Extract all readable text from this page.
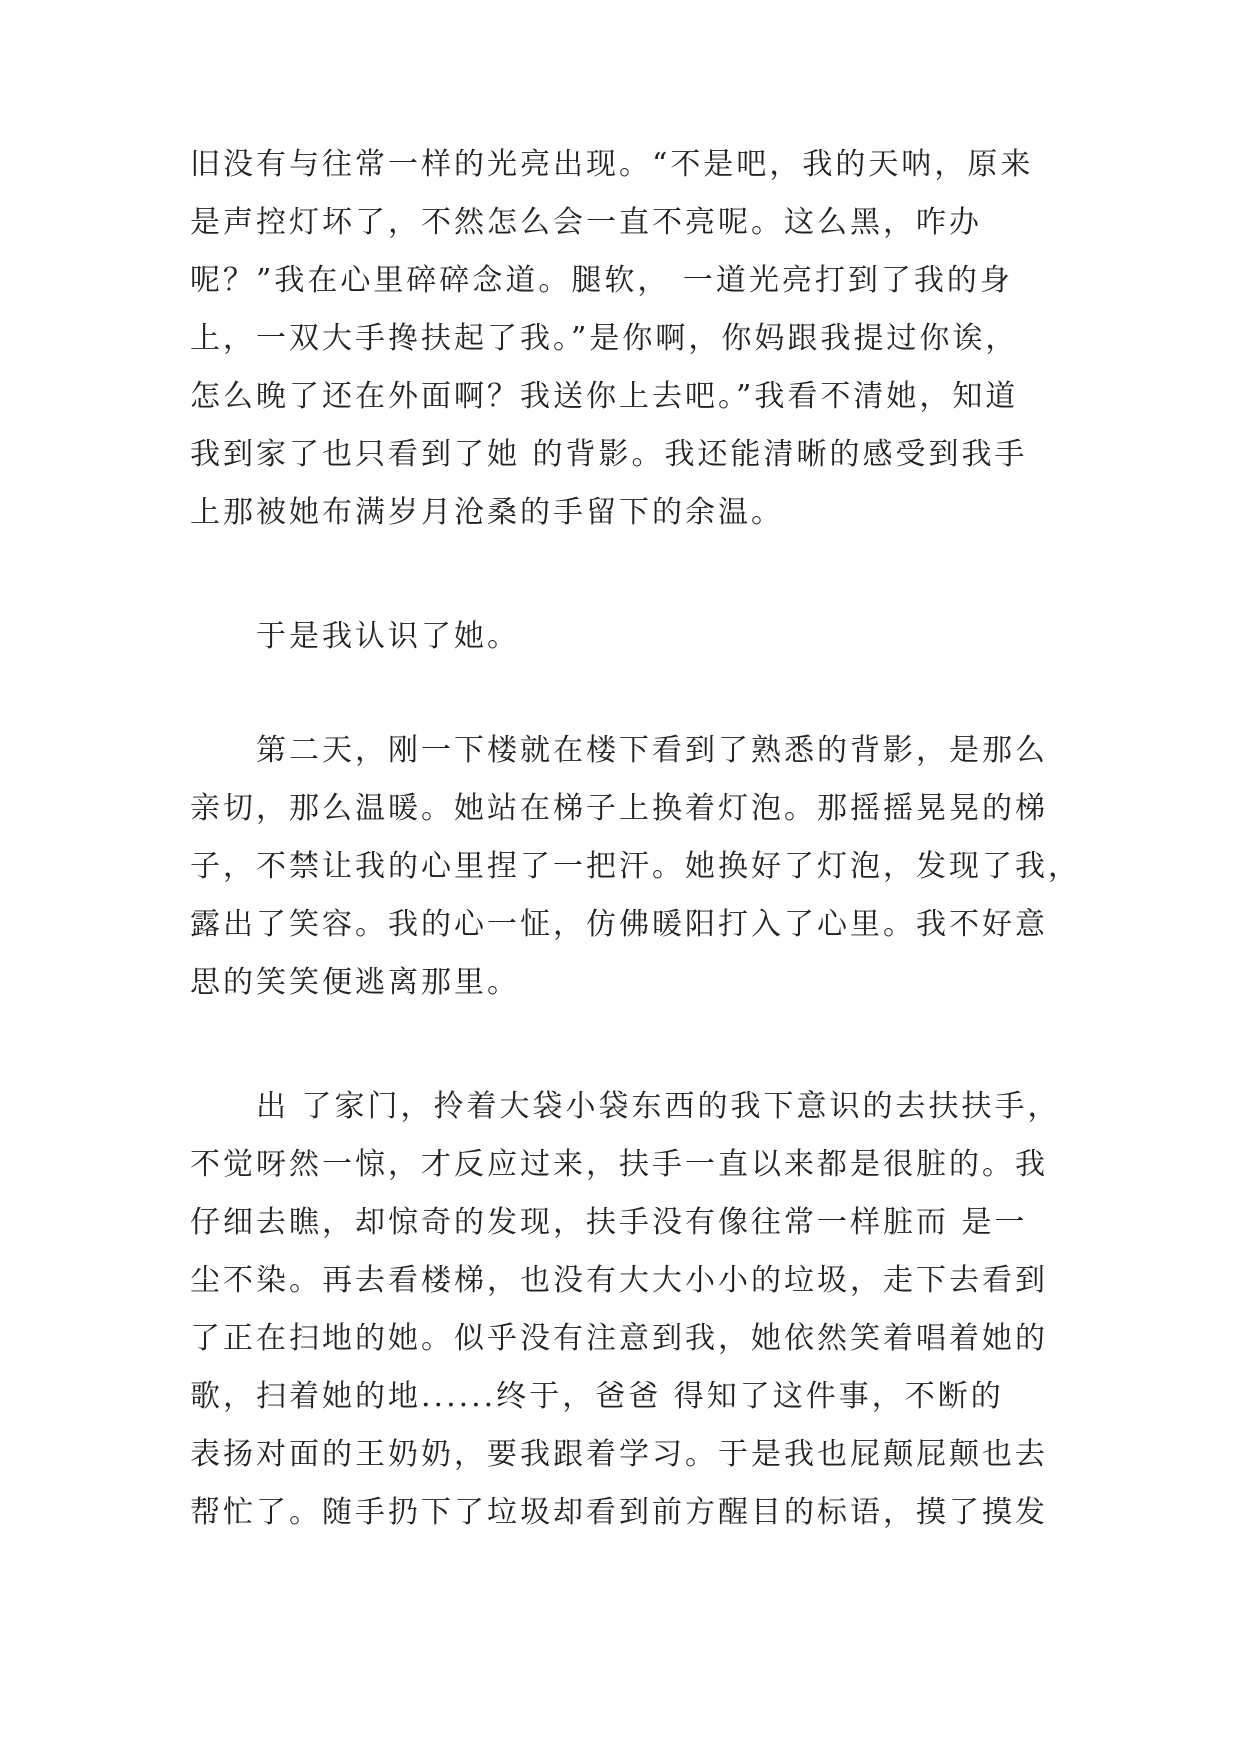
旧没有与往常一样的光亮出现。“不是吧，我的天呐，原来
是声控灯坏了，不然怎么会一直不亮呢。这么黑，咋办
呢？”我在心里碎碎念道。腿软， 一道光亮打到了我的身
上，一双大手搀扶起了我。”是你啊，你妈跟我提过你诶，
怎么晚了还在外面啊？我送你上去吧。”我看不清她，知道
我到家了也只看到了她 的背影。我还能清晰的感受到我手
上那被她布满岁月沧桑的手留下的余温。
于是我认识了她。
第二天，刚一下楼就在楼下看到了熟悉的背影，是那么
亲切，那么温暖。她站在梯子上换着灯泡。那摇摇晃晃的梯
子，不禁让我的心里捏了一把汗。她换好了灯泡，发现了我，
露出了笑容。我的心一怔，仿佛暖阳打入了心里。我不好意
思的笑笑便逃离那里。
出 了家门，拎着大袋小袋东西的我下意识的去扶扶手，
不觉呀然一惊，才反应过来，扶手一直以来都是很脏的。我
仔细去瞧，却惊奇的发现，扶手没有像往常一样脏而 是一
尘不染。再去看楼梯，也没有大大小小的垃圾，走下去看到
了正在扫地的她。似乎没有注意到我，她依然笑着唱着她的
歌，扫着她的地......终于，爸爸 得知了这件事，不断的
表扬对面的王奶奶，要我跟着学习。于是我也屁颠屁颠也去
帮忙了。随手扔下了垃圾却看到前方醒目的标语，摸了摸发
